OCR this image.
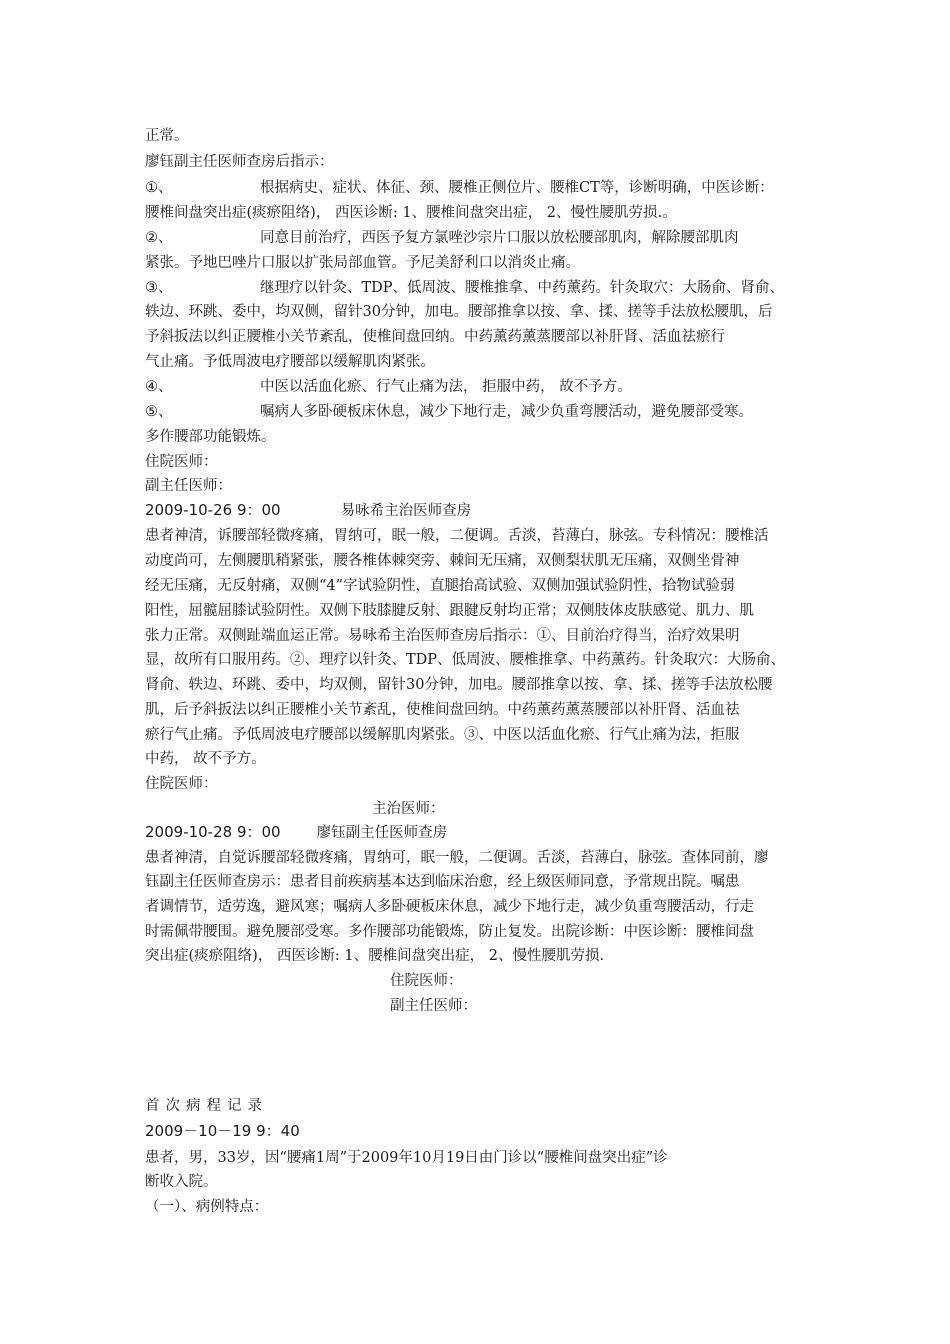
正常。
廖钰副主任医师查房后指示：
①、	根据病史、症状、体征、颈、腰椎正侧位片、腰椎CT等，诊断明确，中医诊断：
腰椎间盘突出症(痰瘀阻络)， 西医诊断: 1、腰椎间盘突出症， 2、慢性腰肌劳损.。
②、	同意目前治疗，西医予复方氯唑沙宗片口服以放松腰部肌肉，解除腰部肌肉
紧张。予地巴唑片口服以扩张局部血管。予尼美舒利口以消炎止痛。
③、	继理疗以针灸、TDP、低周波、腰椎推拿、中药薰药。针灸取穴：大肠俞、肾俞、
轶边、环跳、委中，均双侧，留针30分钟，加电。腰部推拿以按、拿、揉、搓等手法放松腰肌，后
予斜扳法以纠正腰椎小关节紊乱，使椎间盘回纳。中药薰药薰蒸腰部以补肝肾、活血祛瘀行
气止痛。予低周波电疗腰部以缓解肌肉紧张。
④、	中医以活血化瘀、行气止痛为法， 拒服中药， 故不予方。
⑤、	嘱病人多卧硬板床休息，减少下地行走，减少负重弯腰活动，避免腰部受寒。
多作腰部功能锻炼。
住院医师：
副主任医师：
2009-10-26 9：00	易咏希主治医师查房
患者神清，诉腰部轻微疼痛，胃纳可，眠一般，二便调。舌淡，苔薄白，脉弦。专科情况：腰椎活
动度尚可，左侧腰肌稍紧张，腰各椎体棘突旁、棘间无压痛，双侧梨状肌无压痛，双侧坐骨神
经无压痛，无反射痛，双侧“4”字试验阴性，直腿抬高试验、双侧加强试验阴性，拾物试验弱
阳性，屈髋屈膝试验阴性。双侧下肢膝腱反射、跟腱反射均正常；双侧肢体皮肤感觉、肌力、肌
张力正常。双侧趾端血运正常。易咏希主治医师查房后指示：①、目前治疗得当，治疗效果明
显，故所有口服用药。②、理疗以针灸、TDP、低周波、腰椎推拿、中药薰药。针灸取穴：大肠俞、
肾俞、轶边、环跳、委中，均双侧，留针30分钟，加电。腰部推拿以按、拿、揉、搓等手法放松腰
肌，后予斜扳法以纠正腰椎小关节紊乱，使椎间盘回纳。中药薰药薰蒸腰部以补肝肾、活血祛
瘀行气止痛。予低周波电疗腰部以缓解肌肉紧张。③、中医以活血化瘀、行气止痛为法，拒服
中药， 故不予方。
住院医师：
主治医师：
2009-10-28 9：00 廖钰副主任医师查房
患者神清，自觉诉腰部轻微疼痛，胃纳可，眠一般，二便调。舌淡，苔薄白，脉弦。查体同前，廖
钰副主任医师查房示：患者目前疾病基本达到临床治愈，经上级医师同意，予常规出院。嘱患
者调情节，适劳逸，避风寒；嘱病人多卧硬板床休息，减少下地行走，减少负重弯腰活动，行走
时需佩带腰围。避免腰部受寒。多作腰部功能锻炼，防止复发。出院诊断：中医诊断：腰椎间盘
突出症(痰瘀阻络)， 西医诊断: 1、腰椎间盘突出症， 2、慢性腰肌劳损.
住院医师：
副主任医师：
首次病程记录
2009－10－19 9：40
患者，男，33岁，因“腰痛1周”于2009年10月19日由门诊以“腰椎间盘突出症”诊
断收入院。
（一）、病例特点：
